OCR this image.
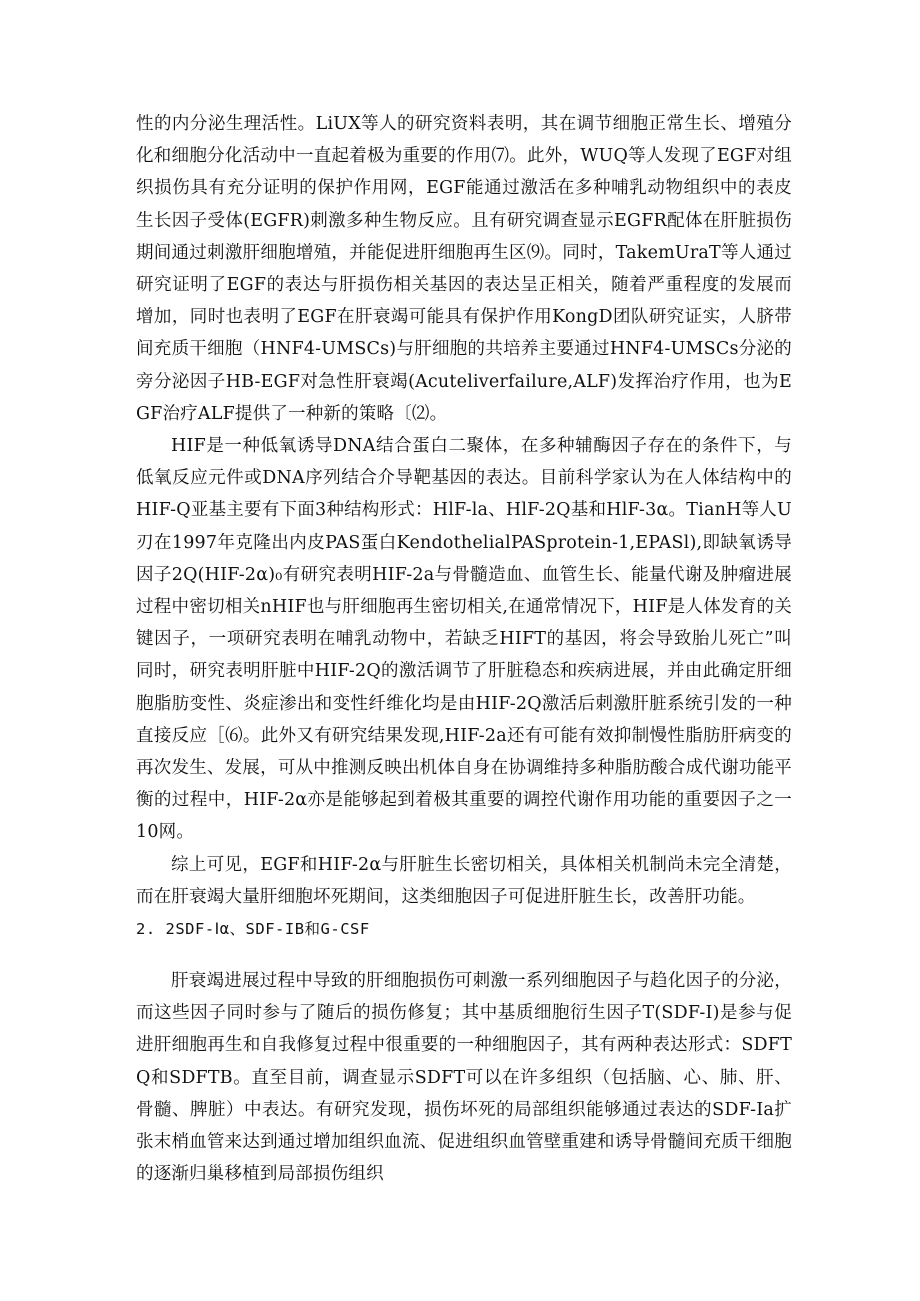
性的内分泌生理活性。LiUX等人的研究资料表明，其在调节细胞正常生长、增殖分化和细胞分化活动中一直起着极为重要的作用⑺。此外，WUQ等人发现了EGF对组织损伤具有充分证明的保护作用网，EGF能通过激活在多种哺乳动物组织中的表皮生长因子受体(EGFR)刺激多种生物反应。且有研究调查显示EGFR配体在肝脏损伤期间通过刺激肝细胞增殖，并能促进肝细胞再生区⑼。同时，TakemUraT等人通过研究证明了EGF的表达与肝损伤相关基因的表达呈正相关，随着严重程度的发展而增加，同时也表明了EGF在肝衰竭可能具有保护作用KongD团队研究证实，人脐带间充质干细胞（HNF4-UMSCs)与肝细胞的共培养主要通过HNF4-UMSCs分泌的旁分泌因子HB-EGF对急性肝衰竭(Acuteliverfailure,ALF)发挥治疗作用，也为EGF治疗ALF提供了一种新的策略〔⑵。

HIF是一种低氧诱导DNA结合蛋白二聚体，在多种辅酶因子存在的条件下，与低氧反应元件或DNA序列结合介导靶基因的表达。目前科学家认为在人体结构中的HIF-Q亚基主要有下面3种结构形式：HlF-la、HlF-2Q基和HlF-3α。TianH等人U刃在1997年克隆出内皮PAS蛋白KendothelialPASprotein-1,EPASl),即缺氧诱导因子2Q(HIF-2α)₀有研究表明HIF-2a与骨髓造血、血管生长、能量代谢及肿瘤进展过程中密切相关nHIF也与肝细胞再生密切相关,在通常情况下，HIF是人体发育的关键因子，一项研究表明在哺乳动物中，若缺乏HIFT的基因，将会导致胎儿死亡”叫同时，研究表明肝脏中HIF-2Q的激活调节了肝脏稳态和疾病进展，并由此确定肝细胞脂肪变性、炎症渗出和变性纤维化均是由HIF-2Q激活后刺激肝脏系统引发的一种直接反应［⑹。此外又有研究结果发现,HIF-2a还有可能有效抑制慢性脂肪肝病变的再次发生、发展，可从中推测反映出机体自身在协调维持多种脂肪酸合成代谢功能平衡的过程中，HIF-2α亦是能够起到着极其重要的调控代谢作用功能的重要因子之一10网。

综上可见，EGF和HIF-2α与肝脏生长密切相关，具体相关机制尚未完全清楚，而在肝衰竭大量肝细胞坏死期间，这类细胞因子可促进肝脏生长，改善肝功能。

2. 2SDF-Ⅰα、SDF-IB和G-CSF

肝衰竭进展过程中导致的肝细胞损伤可刺激一系列细胞因子与趋化因子的分泌，而这些因子同时参与了随后的损伤修复；其中基质细胞衍生因子Τ(SDF-I)是参与促进肝细胞再生和自我修复过程中很重要的一种细胞因子，其有两种表达形式：SDFTQ和SDFTB。直至目前，调查显示SDFT可以在许多组织（包括脑、心、肺、肝、骨髓、脾脏）中表达。有研究发现，损伤坏死的局部组织能够通过表达的SDF-Ia扩张末梢血管来达到通过增加组织血流、促进组织血管壁重建和诱导骨髓间充质干细胞的逐渐归巢移植到局部损伤组织
